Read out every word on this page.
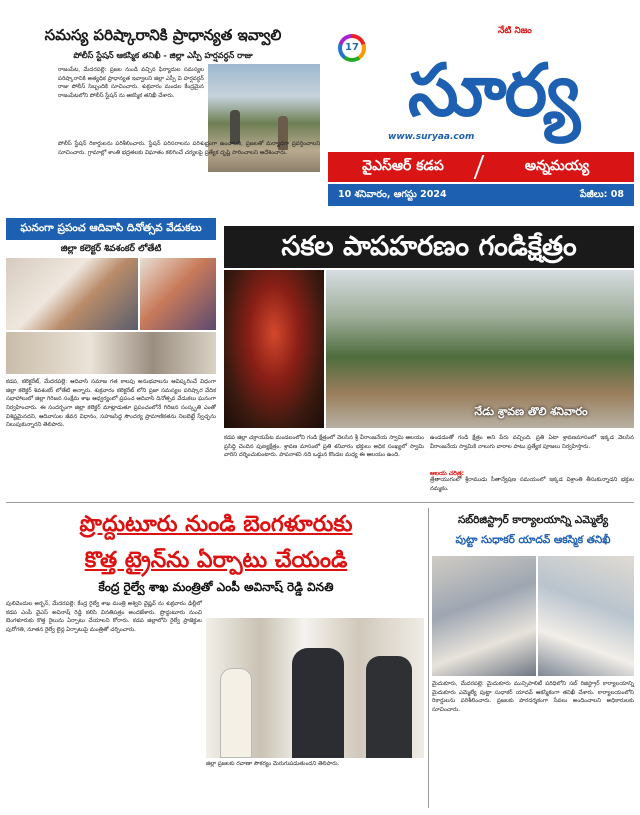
సమస్య పరిష్కారానికి ప్రాధాన్యత ఇవ్వాలి
పోలీస్ స్టేషన్ ఆకస్మిక తనిఖీ - జిల్లా ఎస్పీ హర్షవర్ధన్ రాజు
రాజంపేట, మేదరపల్లె: ప్రజల నుండి వచ్చిన ఫిర్యాదుల సమస్యల పరిష్కారానికి అత్యధిక ప్రాధాన్యత ఇవ్వాలని జిల్లా ఎస్పీ వి హర్షవర్ధన్ రాజు పోలీస్ సిబ్బందికి సూచించారు. శుక్రవారం మండల కేంద్రమైన రాజంపేటలోని పోలీస్ స్టేషన్ ను ఆకస్మిక తనిఖీ చేశారు.
పోలీస్ స్టేషన్ రికార్డులను పరిశీలించారు. స్టేషన్ పరిసరాలను పరిశుభ్రంగా ఉంచాలని, ప్రజలతో మర్యాదగా ప్రవర్తించాలని సూచించారు. గ్రామాల్లో శాంతి భద్రతలకు విఘాతం కలిగించే చర్యలపై ప్రత్యేక దృష్టి సారించాలని ఆదేశించారు.
17
నేటి నిజం
సూర్య
www.suryaa.com
వైఎస్ఆర్ కడప	అన్నమయ్య
10 శనివారం, ఆగస్టు 2024	పేజీలు: 08
ఘనంగా ప్రపంచ ఆదివాసి దినోత్సవ వేడుకలు
జిల్లా కలెక్టర్ శివశంకర్ లోతేటి
కడప, కలెక్టరేట్, మేదరపల్లె: ఆదివాసి సమాజ గత కాలపు అనుభవాలను ఆవిష్కరించే విధంగా జిల్లా కలెక్టర్ శివశంకర్ లోతేటి అన్నారు. శుక్రవారం కలెక్టరేట్ లోని ప్రజా సమస్యల పరిష్కార వేదిక సభాహాలులో జిల్లా గిరిజన సంక్షేమ శాఖ ఆధ్వర్యంలో ప్రపంచ ఆదివాసి దినోత్సవ వేడుకలు ఘనంగా నిర్వహించారు. ఈ సందర్భంగా జిల్లా కలెక్టర్ మాట్లాడుతూ ప్రపంచంలోనే గిరిజన సంస్కృతి ఎంతో విశిష్టమైనదని, ఆదివాసుల జీవన విధానం, సహజసిద్ధ సౌందర్య ప్రామాణికతను నిలబెట్టే స్వేచ్ఛను నిలుపుకున్నారని తెలిపారు.
సకల పాపహరణం గండిక్షేత్రం
నేడు శ్రావణ తొలి శనివారం
కడప జిల్లా చక్రాయపేట మండలంలోని గండి క్షేత్రంలో వెలసిన శ్రీ వీరాంజనేయ స్వామి ఆలయం ప్రసిద్ధి చెందిన పుణ్యక్షేత్రం. శ్రావణ మాసంలో ప్రతి శనివారం భక్తులు అధిక సంఖ్యలో స్వామి వారిని దర్శించుకుంటారు. పాపనాశని నది ఒడ్డున కొండల మధ్య ఈ ఆలయం ఉంది.
ఉండడంతో గండి క్షేత్రం అని పేరు వచ్చింది. ప్రతి ఏటా శ్రావణమాసంలో ఇక్కడ వెలసిన వీరాంజనేయ స్వామికి నాలుగు వారాల పాటు ప్రత్యేక పూజలు నిర్వహిస్తారు.
ఆలయ చరిత్ర:
త్రేతాయుగంలో శ్రీరాముడు సీతాన్వేషణ సమయంలో ఇక్కడ విశ్రాంతి తీసుకున్నాడని భక్తుల నమ్మకం.
ప్రొద్దుటూరు నుండి బెంగళూరుకు
కొత్త ట్రైన్‌ను ఏర్పాటు చేయండి
కేంద్ర రైల్వే శాఖ మంత్రితో ఎంపీ అవినాష్ రెడ్డి వినతి
పులివెందుల అర్బన్, మేదరపల్లె: కేంద్ర రైల్వే శాఖ మంత్రి అశ్విని వైష్ణవ్ ను శుక్రవారం ఢిల్లీలో కడప ఎంపీ వైఎస్ అవినాష్ రెడ్డి కలిసి వినతిపత్రం అందజేశారు. ప్రొద్దుటూరు నుంచి బెంగళూరుకు కొత్త రైలును ఏర్పాటు చేయాలని కోరారు. కడప జిల్లాలోని రైల్వే ప్రాజెక్టుల పురోగతి, నూతన రైల్వే లైన్ల ఏర్పాటుపై మంత్రితో చర్చించారు.
జిల్లా ప్రజలకు రవాణా సౌకర్యం మెరుగుపడుతుందని తెలిపారు.
సబ్‌రిజిస్ట్రార్ కార్యాలయాన్ని ఎమ్మెల్యే
పుట్టా సుధాకర్ యాదవ్ ఆకస్మిక తనిఖీ
మైదుకూరు, మేదరపల్లె: మైదుకూరు మున్సిపాలిటీ పరిధిలోని సబ్ రిజిస్ట్రార్ కార్యాలయాన్ని మైదుకూరు ఎమ్మెల్యే పుట్టా సుధాకర్ యాదవ్ ఆకస్మికంగా తనిఖీ చేశారు. కార్యాలయంలోని రికార్డులను పరిశీలించారు. ప్రజలకు పారదర్శకంగా సేవలు అందించాలని అధికారులకు సూచించారు.
